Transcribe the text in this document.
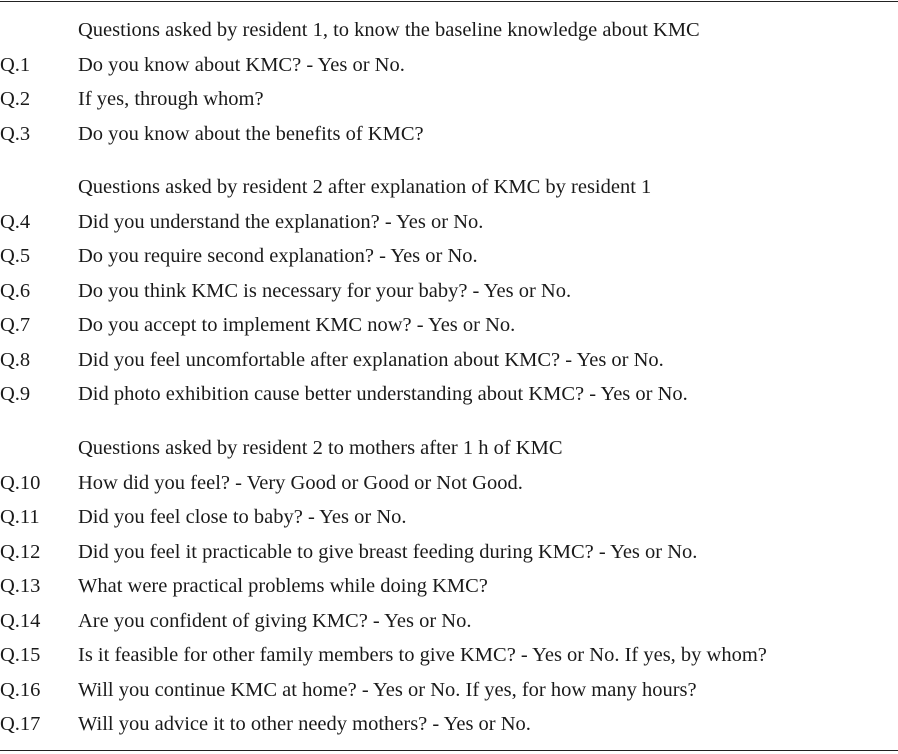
Questions asked by resident 1, to know the baseline knowledge about KMC
Q.1	Do you know about KMC? - Yes or No.
Q.2	If yes, through whom?
Q.3	Do you know about the benefits of KMC?
Questions asked by resident 2 after explanation of KMC by resident 1
Q.4	Did you understand the explanation? - Yes or No.
Q.5	Do you require second explanation? - Yes or No.
Q.6	Do you think KMC is necessary for your baby? - Yes or No.
Q.7	Do you accept to implement KMC now? - Yes or No.
Q.8	Did you feel uncomfortable after explanation about KMC? - Yes or No.
Q.9	Did photo exhibition cause better understanding about KMC? - Yes or No.
Questions asked by resident 2 to mothers after 1 h of KMC
Q.10	How did you feel? - Very Good or Good or Not Good.
Q.11	Did you feel close to baby? - Yes or No.
Q.12	Did you feel it practicable to give breast feeding during KMC? - Yes or No.
Q.13	What were practical problems while doing KMC?
Q.14	Are you confident of giving KMC? - Yes or No.
Q.15	Is it feasible for other family members to give KMC? - Yes or No. If yes, by whom?
Q.16	Will you continue KMC at home? - Yes or No. If yes, for how many hours?
Q.17	Will you advice it to other needy mothers? - Yes or No.
